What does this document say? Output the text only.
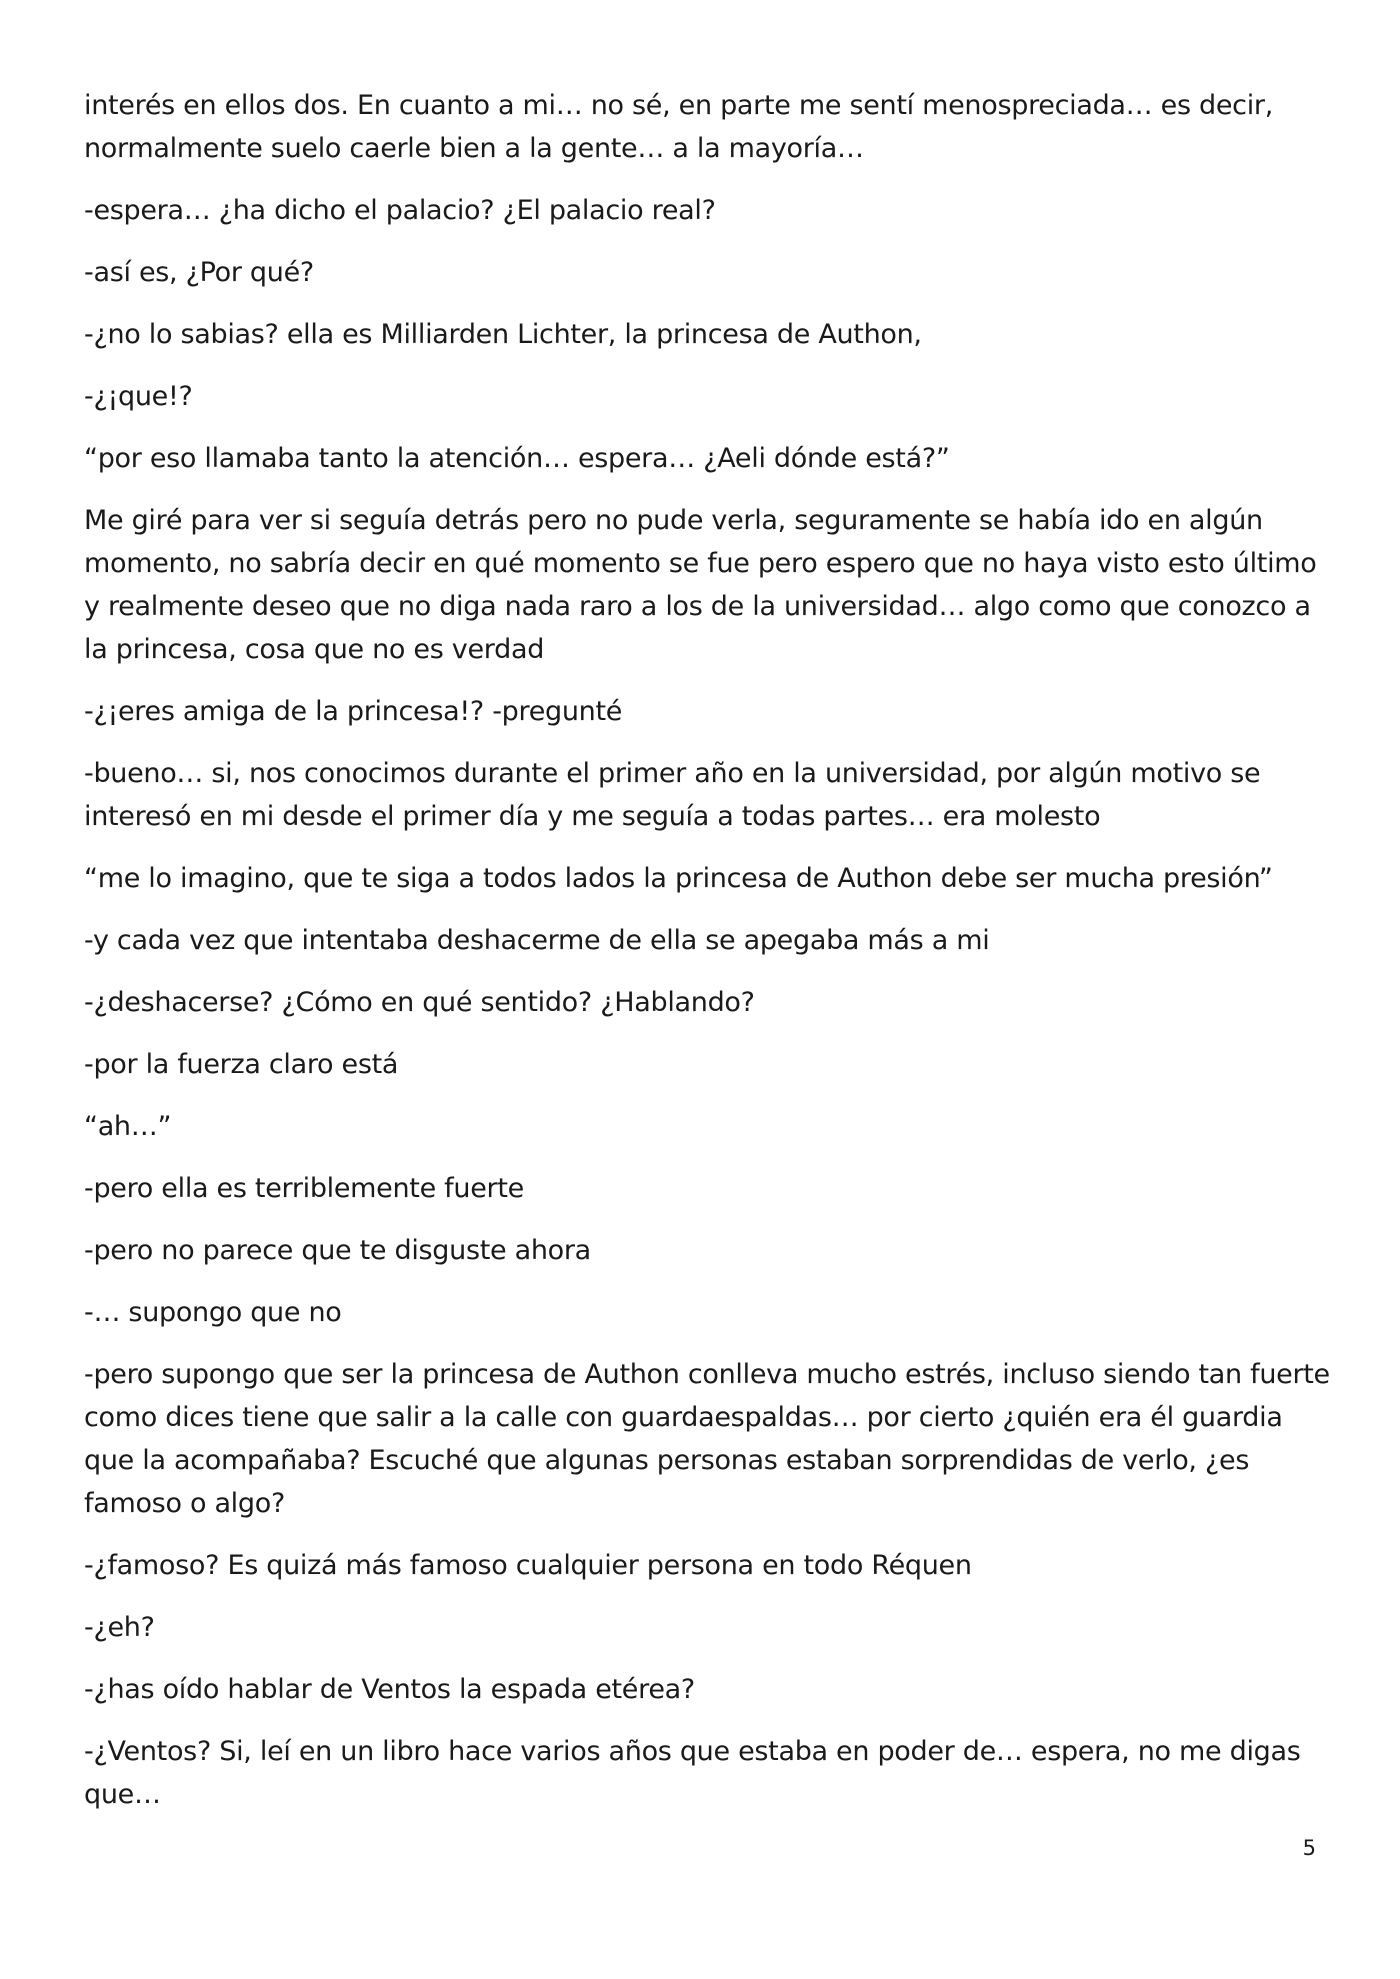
interés en ellos dos. En cuanto a mi… no sé, en parte me sentí menospreciada… es decir, normalmente suelo caerle bien a la gente… a la mayoría…

-espera… ¿ha dicho el palacio? ¿El palacio real?

-así es, ¿Por qué?

-¿no lo sabias? ella es Milliarden Lichter, la princesa de Authon,

-¿¡que!?

“por eso llamaba tanto la atención… espera… ¿Aeli dónde está?”

Me giré para ver si seguía detrás pero no pude verla, seguramente se había ido en algún momento, no sabría decir en qué momento se fue pero espero que no haya visto esto último y realmente deseo que no diga nada raro a los de la universidad… algo como que conozco a la princesa, cosa que no es verdad

-¿¡eres amiga de la princesa!? -pregunté

-bueno… si, nos conocimos durante el primer año en la universidad, por algún motivo se interesó en mi desde el primer día y me seguía a todas partes… era molesto

“me lo imagino, que te siga a todos lados la princesa de Authon debe ser mucha presión”

-y cada vez que intentaba deshacerme de ella se apegaba más a mi

-¿deshacerse? ¿Cómo en qué sentido? ¿Hablando?

-por la fuerza claro está

“ah…”

-pero ella es terriblemente fuerte

-pero no parece que te disguste ahora

-… supongo que no

-pero supongo que ser la princesa de Authon conlleva mucho estrés, incluso siendo tan fuerte como dices tiene que salir a la calle con guardaespaldas… por cierto ¿quién era él guardia que la acompañaba? Escuché que algunas personas estaban sorprendidas de verlo, ¿es famoso o algo?

-¿famoso? Es quizá más famoso cualquier persona en todo Réquen

-¿eh?

-¿has oído hablar de Ventos la espada etérea?

-¿Ventos? Si, leí en un libro hace varios años que estaba en poder de… espera, no me digas que…

5
